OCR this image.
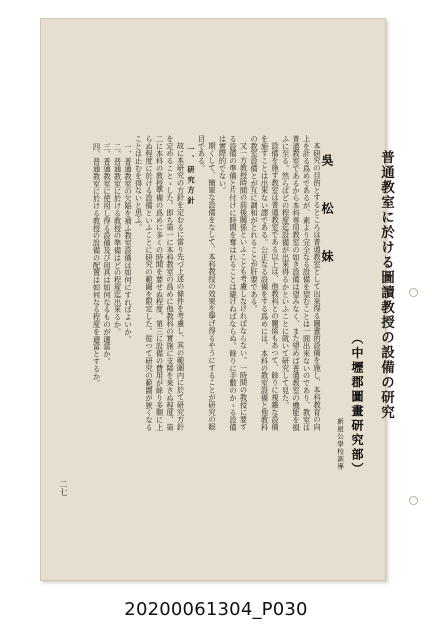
普通教室に於ける圖讀教授の設備の研究
（中壢郡圖畫研究部）
新屋公學校訓導
吳　松　妹

本研究の目的とするところは普通教室として出來得る圖畫的設備を施し、本科教育の向上を計る爲めであるが、素より完全なる設備を望むことは一面出來ないのであり、教室は普通教室であるから本科専用教室の如き設備は望みなく、また望めば普通教室の機能を損ふに至る。然らばどの程度迄設備が出來得るかといふことに就いて研究して見た。

設備を施す教室は普通教室である以上は、他教科との關係もあつて、餘りに複雜な設備を施すことは出來ない譯である。公正なる設備をする爲めには、本科の教室設備と他教科の教室設備とが互に調和がとれることが肝要である。

又一方教授時間の前後關係といふことも考慮しなければならない。一時間の教授に要する設備の準備と片付けに時間を奪はれることは避けねばならぬ。餘りに手數のかゝる設備は實際的でない。

期くして、簡單な設備をなして、本科教授の效果を擧げ得るやうにすることが研究の眼目である。

一、研究方針

故に本研究の方針を定むるに當り先づ上述の條件を考慮し、其の範圍内に於て研究方針を定めることゝした。即ち第一に本科教室の爲めに他教科の實施に支障を來さぬ程度、第二に本科の教授準備の爲めに多くの時間を要せぬ程度、第三に設備の費用が餘り多額に上らぬ程度に於ける設備といふことに研究の範圍を限定した。從つて研究の範圍が狹くなることは止むを得ないと思ふ。

一、普通教室の欠陥を補ふ教室設備は如何にすればよいか。

二、普通教室に於ける教授の準備はどの程度迄出來るか。

三、普通教室に使用し得る設備及び用具は如何なるものが適當か。

四、普通教室に於ける教授の設備の配置は如何なる程度を適當とするか。

二七
20200061304_P030
